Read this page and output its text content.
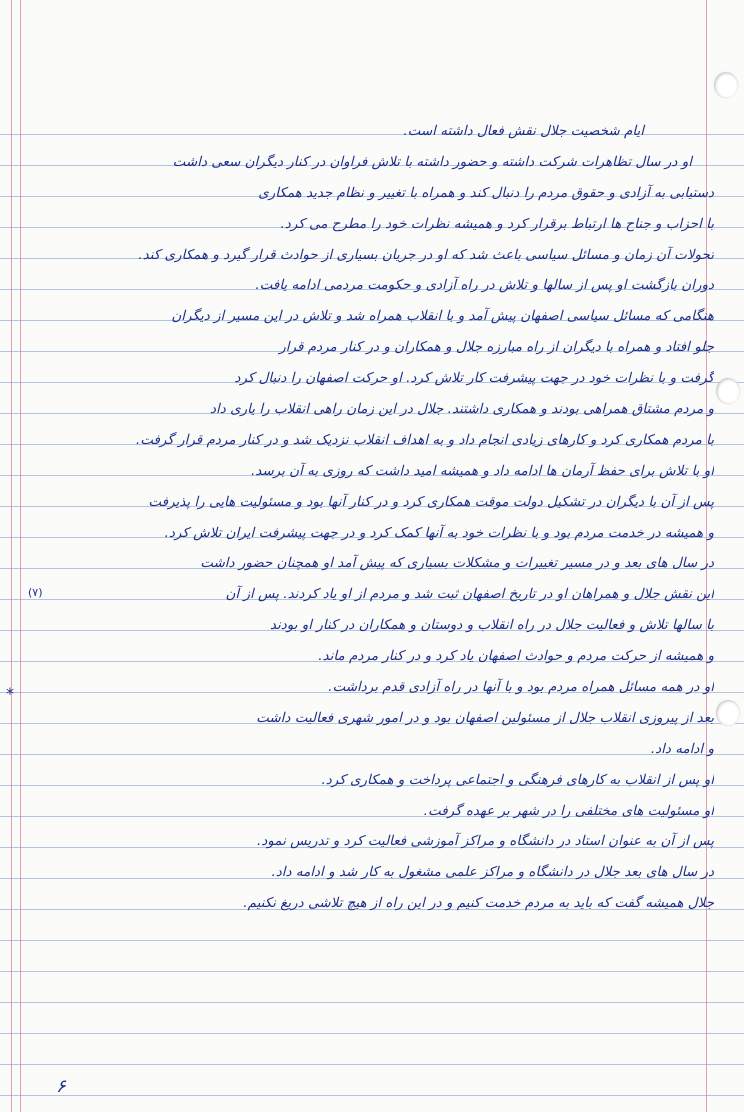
ایام شخصیت جلال نقش فعال داشته است.
او در سال تظاهرات شرکت داشته و حضور داشته با تلاش فراوان در کنار دیگران سعی داشت
دستیابی به آزادی و حقوق مردم را دنبال کند و همراه با تغییر و نظام جدید همکاری
با احزاب و جناح ها ارتباط برقرار کرد و همیشه نظرات خود را مطرح می کرد.
تحولات آن زمان و مسائل سیاسی باعث شد که او در جریان بسیاری از حوادث قرار گیرد و همکاری کند.
دوران بازگشت او پس از سالها و تلاش در راه آزادی و حکومت مردمی ادامه یافت.
هنگامی که مسائل سیاسی اصفهان پیش آمد و با انقلاب همراه شد و تلاش در این مسیر از دیگران
جلو افتاد و همراه با دیگران از راه مبارزه جلال و همکاران و در کنار مردم قرار
گرفت و با نظرات خود در جهت پیشرفت کار تلاش کرد. او حرکت اصفهان را دنبال کرد
و مردم مشتاق همراهی بودند و همکاری داشتند. جلال در این زمان راهی انقلاب را یاری داد
با مردم همکاری کرد و کارهای زیادی انجام داد و به اهداف انقلاب نزدیک شد و در کنار مردم قرار گرفت.
او با تلاش برای حفظ آرمان ها ادامه داد و همیشه امید داشت که روزی به آن برسد.
پس از آن با دیگران در تشکیل دولت موقت همکاری کرد و در کنار آنها بود و مسئولیت هایی را پذیرفت
و همیشه در خدمت مردم بود و با نظرات خود به آنها کمک کرد و در جهت پیشرفت ایران تلاش کرد.
در سال های بعد و در مسیر تغییرات و مشکلات بسیاری که پیش آمد او همچنان حضور داشت
این نقش جلال و همراهان او در تاریخ اصفهان ثبت شد و مردم از او یاد کردند. پس از آن
با سالها تلاش و فعالیت جلال در راه انقلاب و دوستان و همکاران در کنار او بودند
و همیشه از حرکت مردم و حوادث اصفهان یاد کرد و در کنار مردم ماند.
او در همه مسائل همراه مردم بود و با آنها در راه آزادی قدم برداشت.
بعد از پیروزی انقلاب جلال از مسئولین اصفهان بود و در امور شهری فعالیت داشت
و ادامه داد.
او پس از انقلاب به کارهای فرهنگی و اجتماعی پرداخت و همکاری کرد.
او مسئولیت های مختلفی را در شهر بر عهده گرفت.
پس از آن به عنوان استاد در دانشگاه و مراکز آموزشی فعالیت کرد و تدریس نمود.
در سال های بعد جلال در دانشگاه و مراکز علمی مشغول به کار شد و ادامه داد.
جلال همیشه گفت که باید به مردم خدمت کنیم و در این راه از هیچ تلاشی دریغ نکنیم.
(۷)
*
۶
